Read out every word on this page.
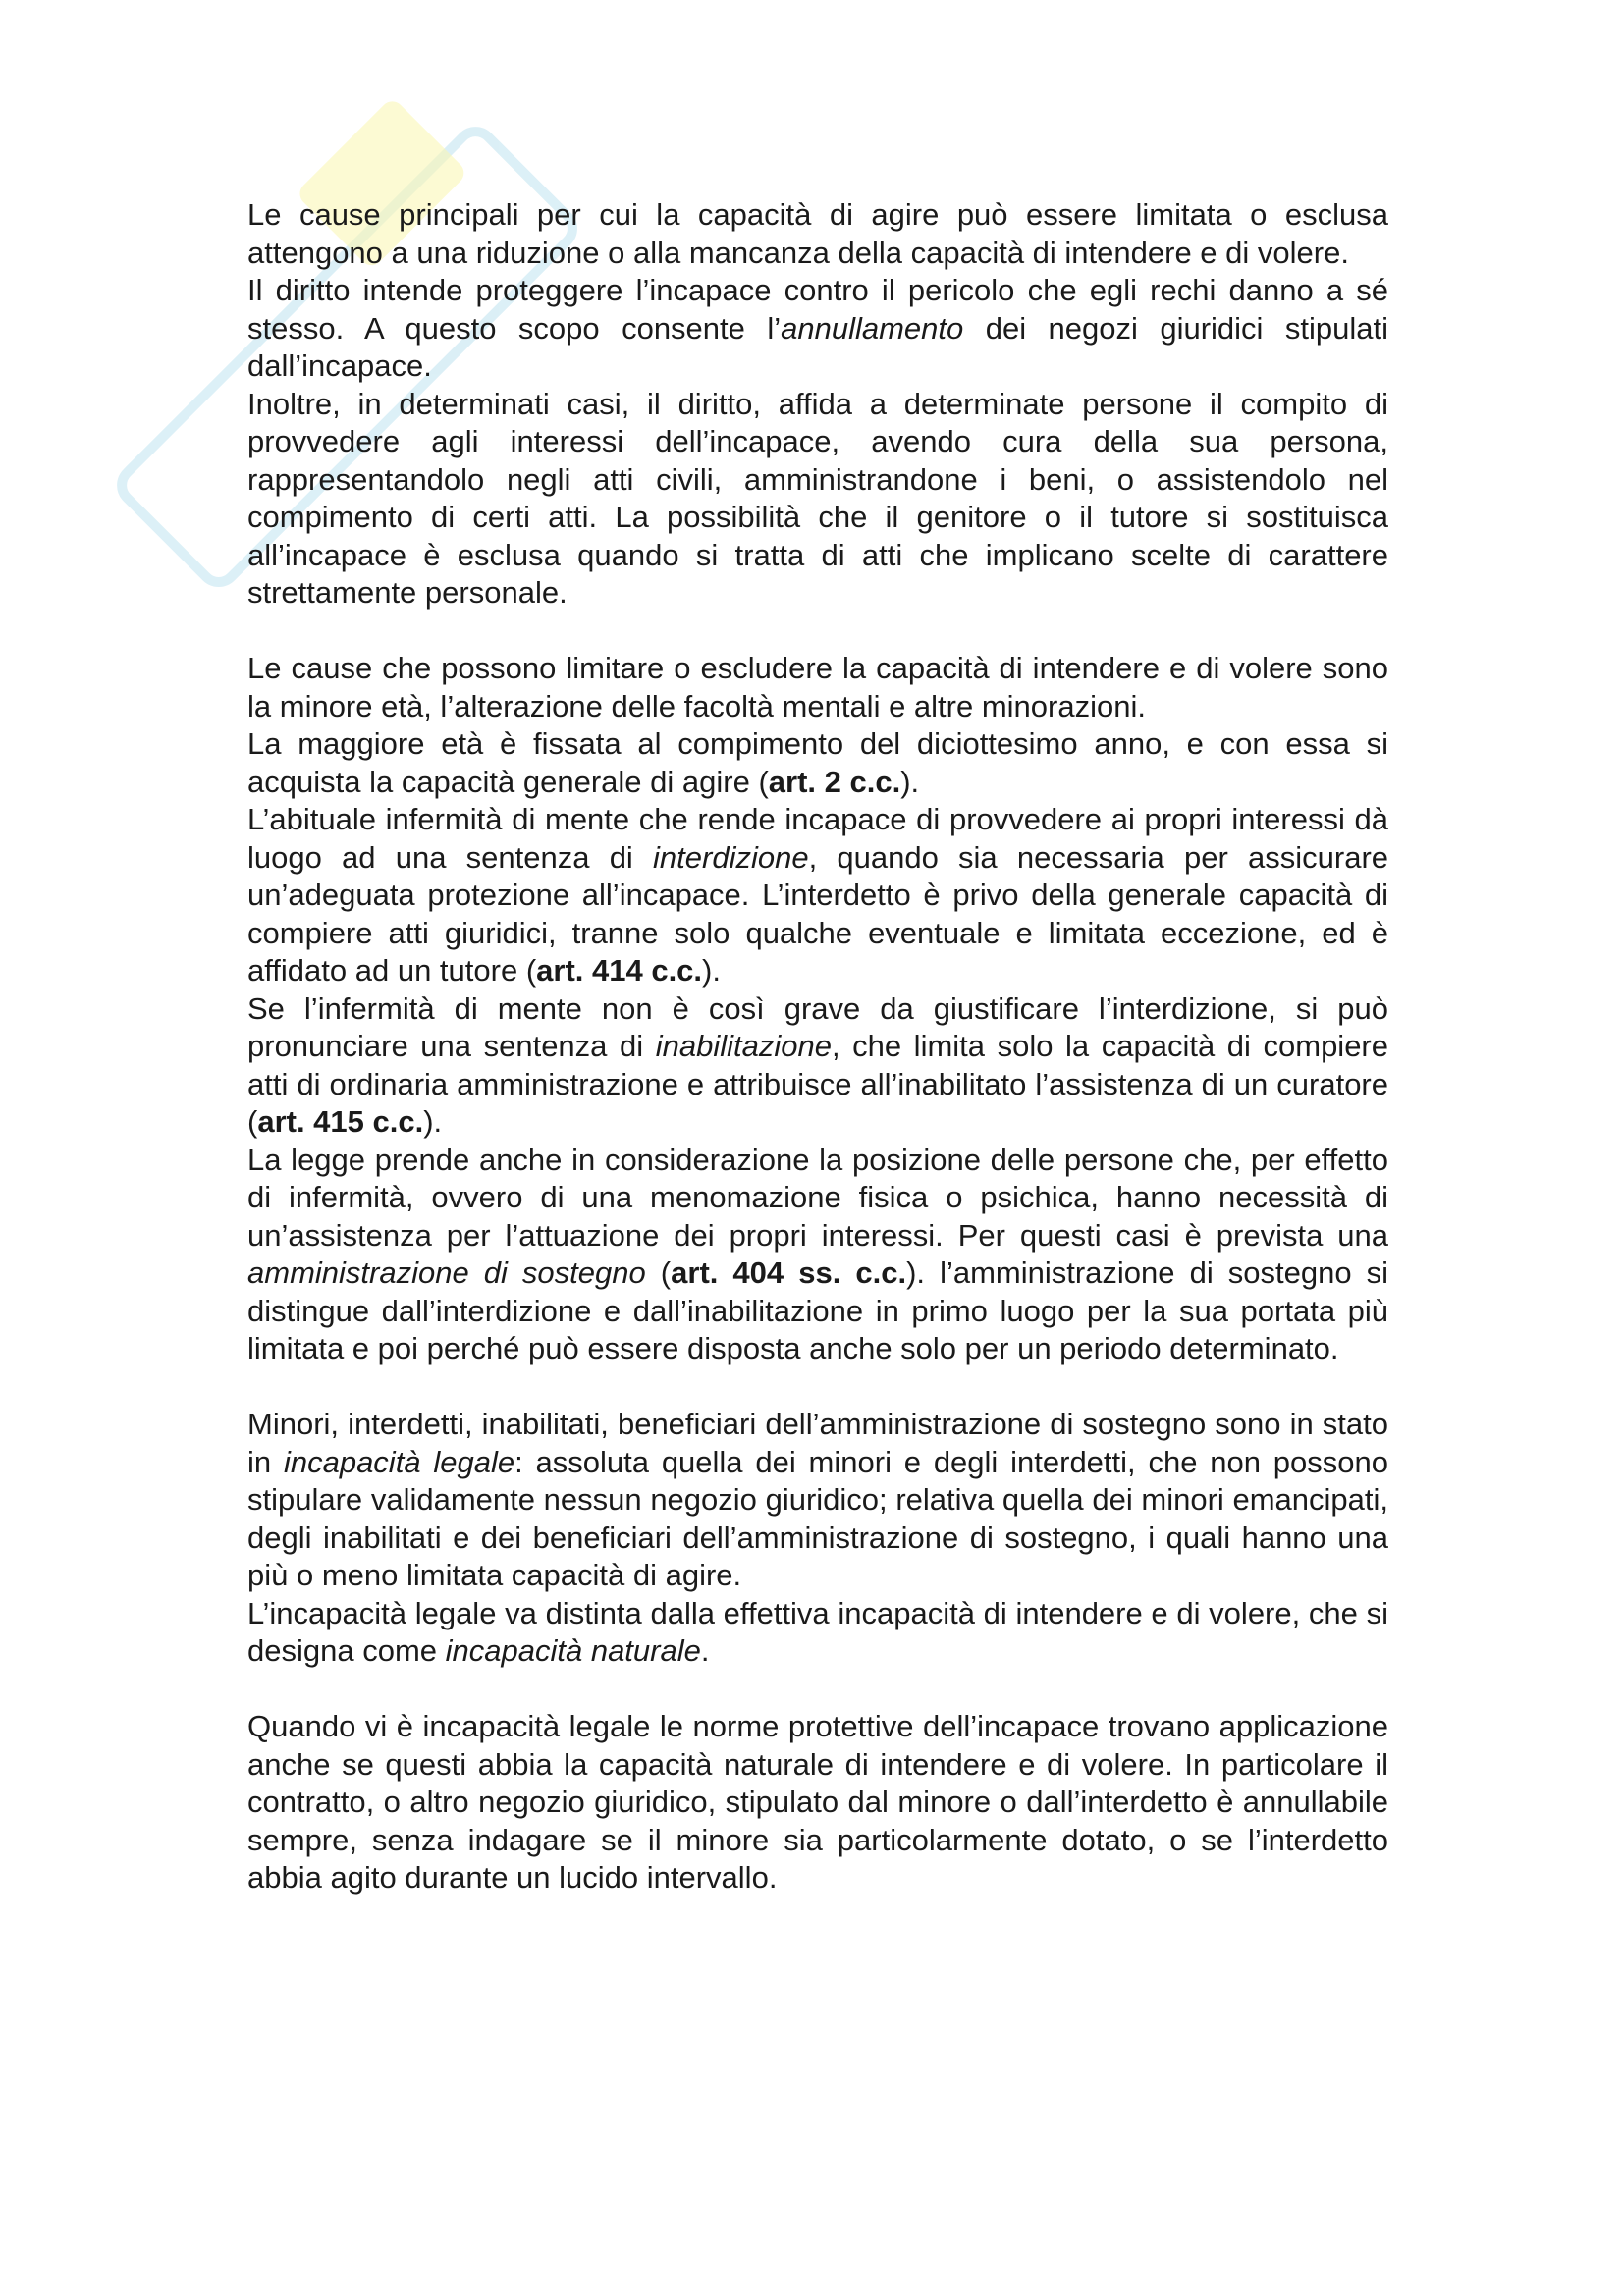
Le cause principali per cui la capacità di agire può essere limitata o esclusa attengono a una riduzione o alla mancanza della capacità di intendere e di volere.

Il diritto intende proteggere l’incapace contro il pericolo che egli rechi danno a sé stesso. A questo scopo consente l’annullamento dei negozi giuridici stipulati dall’incapace.

Inoltre, in determinati casi, il diritto, affida a determinate persone il compito di provvedere agli interessi dell’incapace, avendo cura della sua persona, rappresentandolo negli atti civili, amministrandone i beni, o assistendolo nel compimento di certi atti. La possibilità che il genitore o il tutore si sostituisca all’incapace è esclusa quando si tratta di atti che implicano scelte di carattere strettamente personale.

Le cause che possono limitare o escludere la capacità di intendere e di volere sono la minore età, l’alterazione delle facoltà mentali e altre minorazioni.

La maggiore età è fissata al compimento del diciottesimo anno, e con essa si acquista la capacità generale di agire (art. 2 c.c.).

L’abituale infermità di mente che rende incapace di provvedere ai propri interessi dà luogo ad una sentenza di interdizione, quando sia necessaria per assicurare un’adeguata protezione all’incapace. L’interdetto è privo della generale capacità di compiere atti giuridici, tranne solo qualche eventuale e limitata eccezione, ed è affidato ad un tutore (art. 414 c.c.).

Se l’infermità di mente non è così grave da giustificare l’interdizione, si può pronunciare una sentenza di inabilitazione, che limita solo la capacità di compiere atti di ordinaria amministrazione e attribuisce all’inabilitato l’assistenza di un curatore (art. 415 c.c.).

La legge prende anche in considerazione la posizione delle persone che, per effetto di infermità, ovvero di una menomazione fisica o psichica, hanno necessità di un’assistenza per l’attuazione dei propri interessi. Per questi casi è prevista una amministrazione di sostegno (art. 404 ss. c.c.). l’amministrazione di sostegno si distingue dall’interdizione e dall’inabilitazione in primo luogo per la sua portata più limitata e poi perché può essere disposta anche solo per un periodo determinato.

Minori, interdetti, inabilitati, beneficiari dell’amministrazione di sostegno sono in stato in incapacità legale: assoluta quella dei minori e degli interdetti, che non possono stipulare validamente nessun negozio giuridico; relativa quella dei minori emancipati, degli inabilitati e dei beneficiari dell’amministrazione di sostegno, i quali hanno una più o meno limitata capacità di agire.

L’incapacità legale va distinta dalla effettiva incapacità di intendere e di volere, che si designa come incapacità naturale.

Quando vi è incapacità legale le norme protettive dell’incapace trovano applicazione anche se questi abbia la capacità naturale di intendere e di volere. In particolare il contratto, o altro negozio giuridico, stipulato dal minore o dall’interdetto è annullabile sempre, senza indagare se il minore sia particolarmente dotato, o se l’interdetto abbia agito durante un lucido intervallo.
